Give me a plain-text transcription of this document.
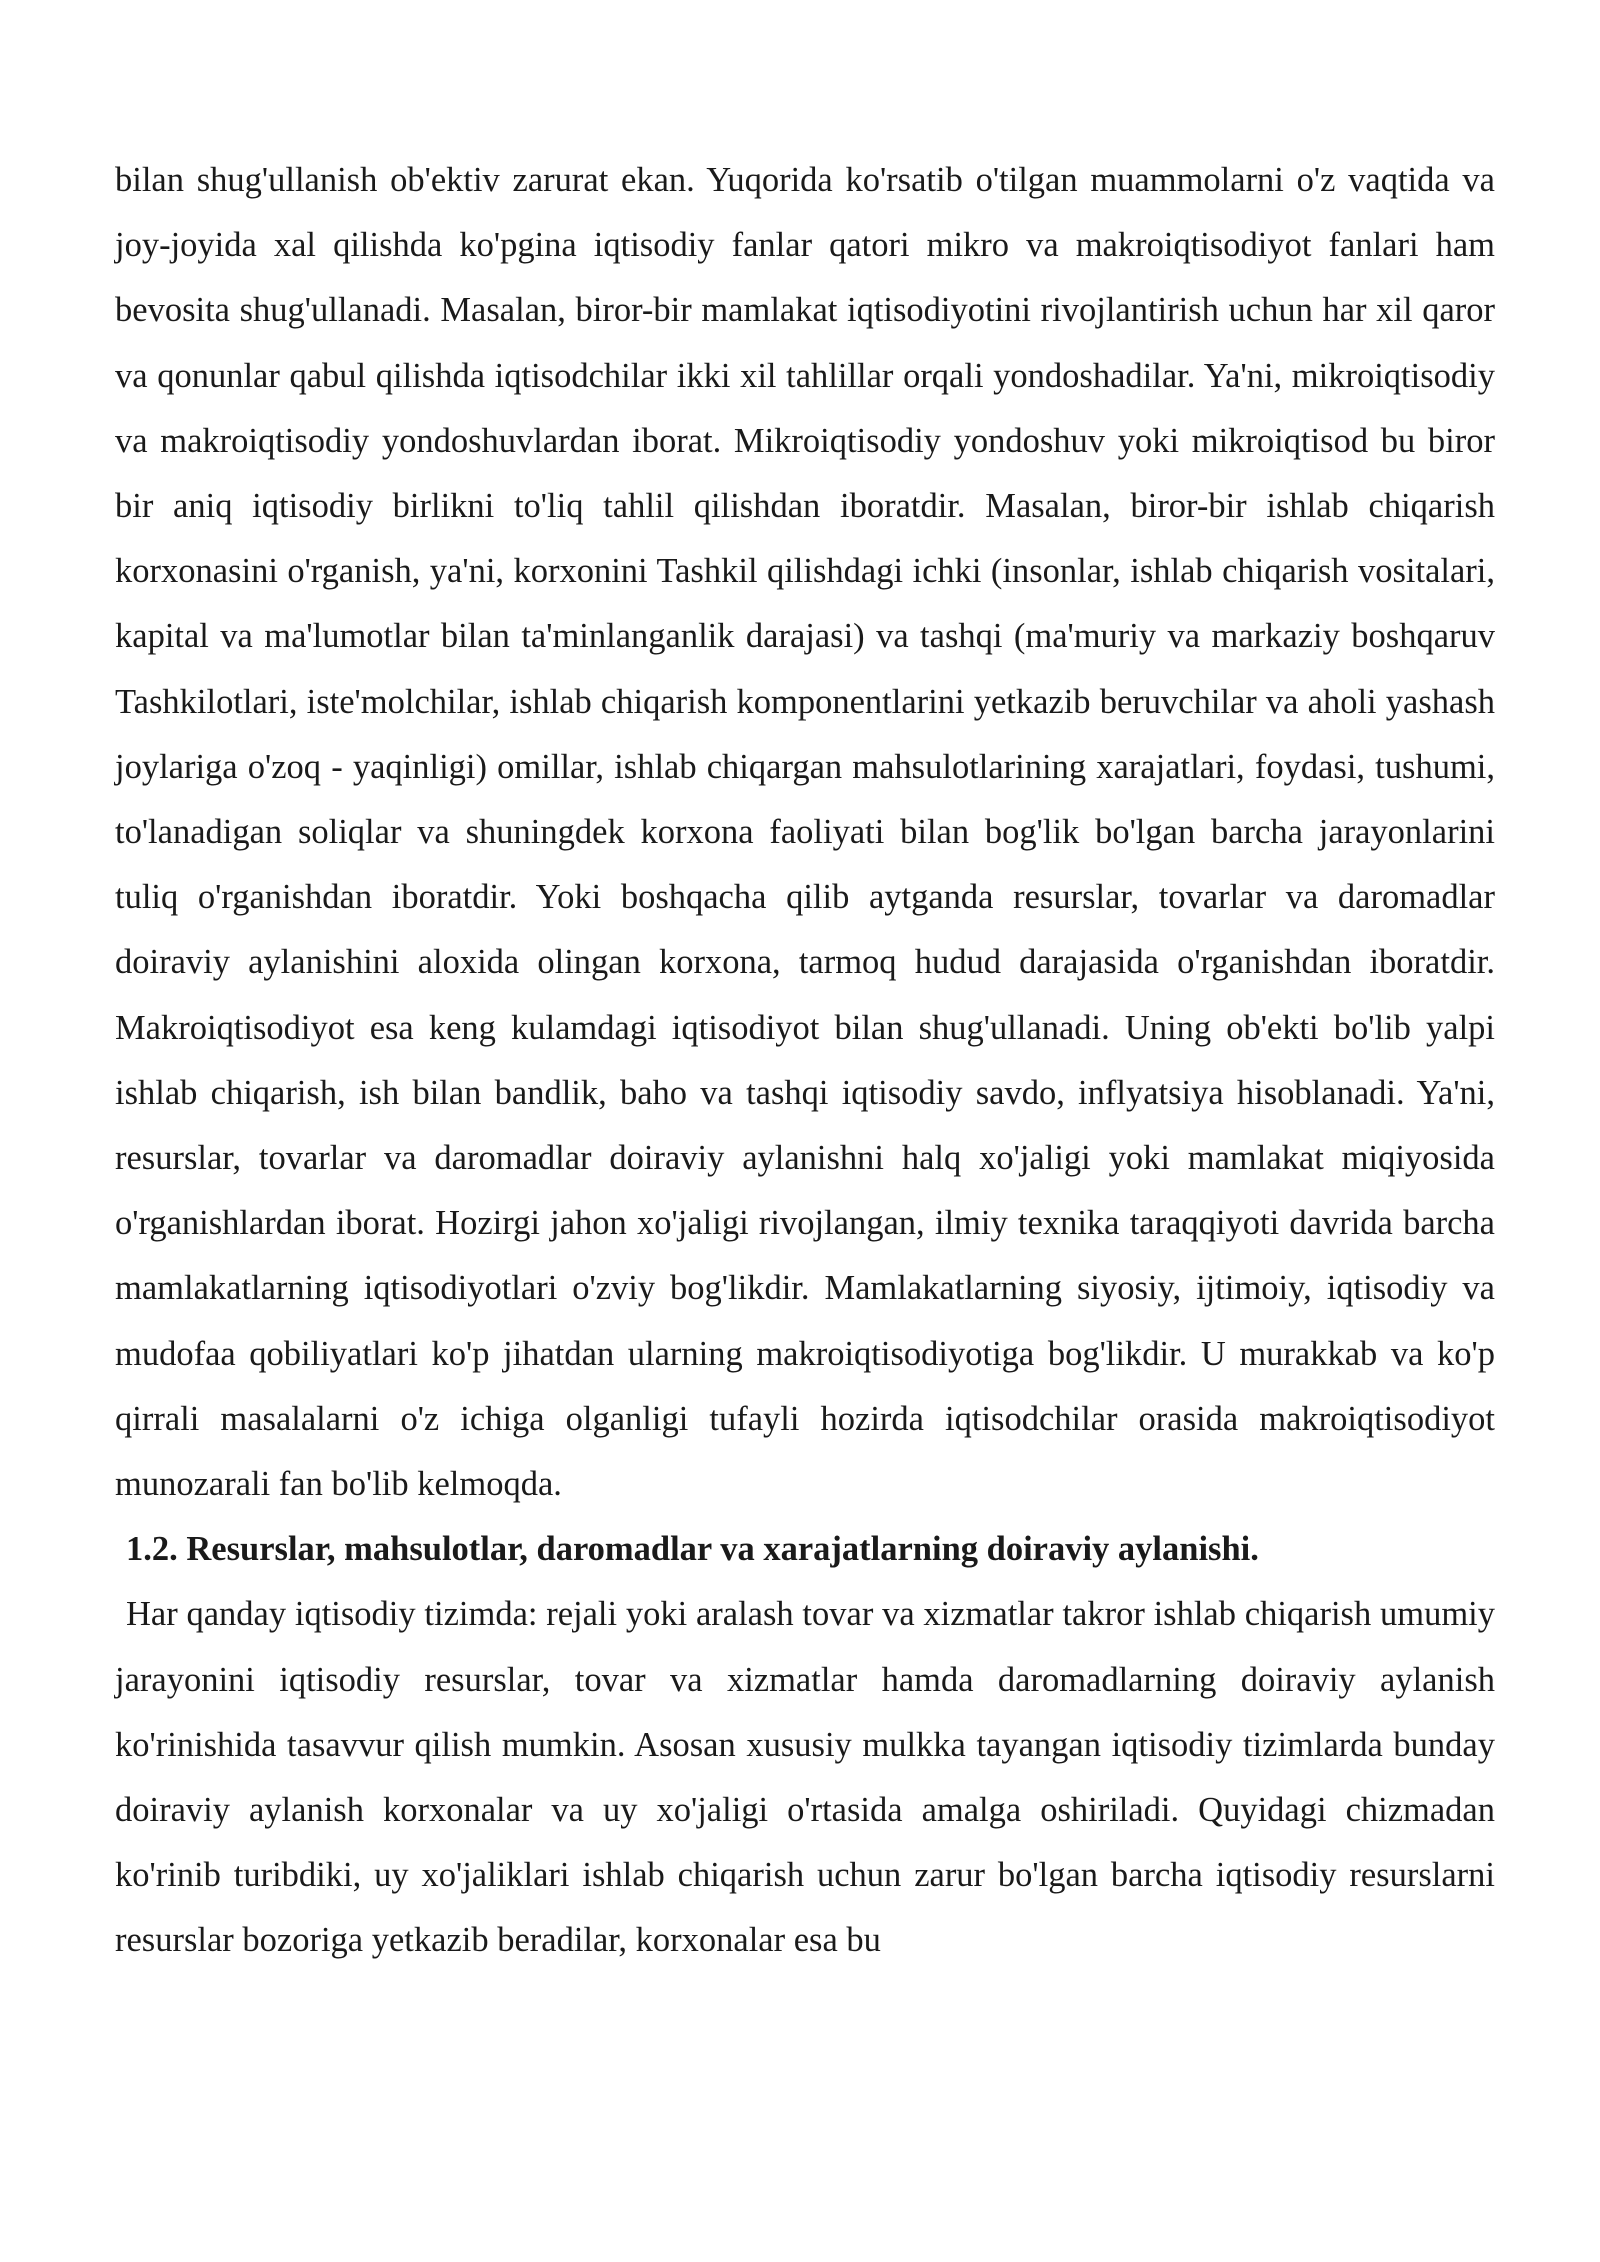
bilan shug'ullanish ob'ektiv zarurat ekan. Yuqorida ko'rsatib o'tilgan muammolarni o'z vaqtida va joy-joyida xal qilishda ko'pgina iqtisodiy fanlar qatori mikro va makroiqtisodiyot fanlari ham bevosita shug'ullanadi. Masalan, biror-bir mamlakat iqtisodiyotini rivojlantirish uchun har xil qaror va qonunlar qabul qilishda iqtisodchilar ikki xil tahlillar orqali yondoshadilar. Ya'ni, mikroiqtisodiy va makroiqtisodiy yondoshuvlardan iborat. Mikroiqtisodiy yondoshuv yoki mikroiqtisod bu biror bir aniq iqtisodiy birlikni to'liq tahlil qilishdan iboratdir. Masalan, biror-bir ishlab chiqarish korxonasini o'rganish, ya'ni, korxonini Tashkil qilishdagi ichki (insonlar, ishlab chiqarish vositalari, kapital va ma'lumotlar bilan ta'minlanganlik darajasi) va tashqi (ma'muriy va markaziy boshqaruv Tashkilotlari, iste'molchilar, ishlab chiqarish komponentlarini yetkazib beruvchilar va aholi yashash joylariga o'zoq - yaqinligi) omillar, ishlab chiqargan mahsulotlarining xarajatlari, foydasi, tushumi, to'lanadigan soliqlar va shuningdek korxona faoliyati bilan bog'lik bo'lgan barcha jarayonlarini tuliq o'rganishdan iboratdir. Yoki boshqacha qilib aytganda resurslar, tovarlar va daromadlar doiraviy aylanishini aloxida olingan korxona, tarmoq hudud darajasida o'rganishdan iboratdir. Makroiqtisodiyot esa keng kulamdagi iqtisodiyot bilan shug'ullanadi. Uning ob'ekti bo'lib yalpi ishlab chiqarish, ish bilan bandlik, baho va tashqi iqtisodiy savdo, inflyatsiya hisoblanadi. Ya'ni, resurslar, tovarlar va daromadlar doiraviy aylanishni halq xo'jaligi yoki mamlakat miqiyosida o'rganishlardan iborat. Hozirgi jahon xo'jaligi rivojlangan, ilmiy texnika taraqqiyoti davrida barcha mamlakatlarning iqtisodiyotlari o'zviy bog'likdir. Mamlakatlarning siyosiy, ijtimoiy, iqtisodiy va mudofaa qobiliyatlari ko'p jihatdan ularning makroiqtisodiyotiga bog'likdir. U murakkab va ko'p qirrali masalalarni o'z ichiga olganligi tufayli hozirda iqtisodchilar orasida makroiqtisodiyot munozarali fan bo'lib kelmoqda.

1.2. Resurslar, mahsulotlar, daromadlar va xarajatlarning doiraviy aylanishi.

Har qanday iqtisodiy tizimda: rejali yoki aralash tovar va xizmatlar takror ishlab chiqarish umumiy jarayonini iqtisodiy resurslar, tovar va xizmatlar hamda daromadlarning doiraviy aylanish ko'rinishida tasavvur qilish mumkin. Asosan xususiy mulkka tayangan iqtisodiy tizimlarda bunday doiraviy aylanish korxonalar va uy xo'jaligi o'rtasida amalga oshiriladi. Quyidagi chizmadan ko'rinib turibdiki, uy xo'jaliklari ishlab chiqarish uchun zarur bo'lgan barcha iqtisodiy resurslarni resurslar bozoriga yetkazib beradilar, korxonalar esa bu
